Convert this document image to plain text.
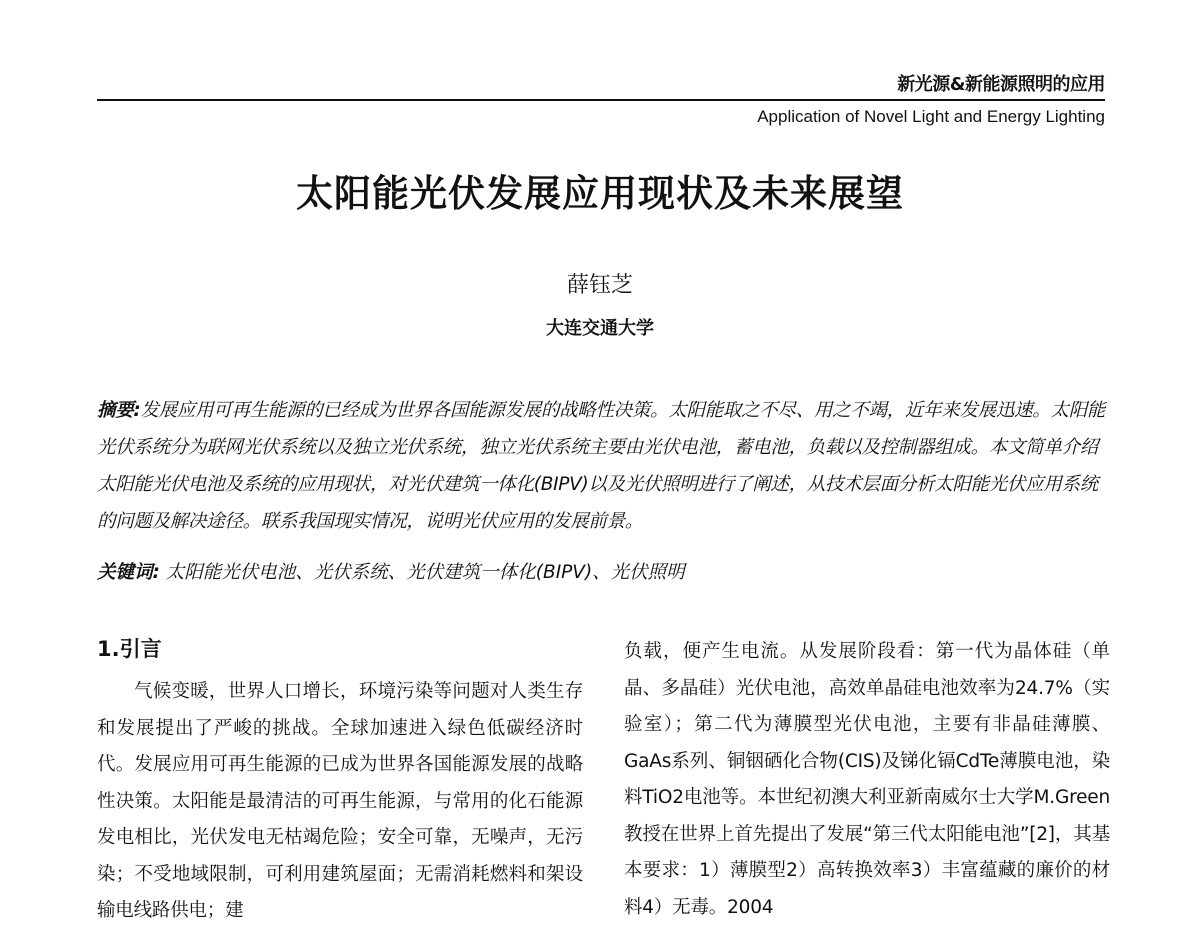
新光源&新能源照明的应用
Application of Novel Light and Energy Lighting
太阳能光伏发展应用现状及未来展望
薛钰芝
大连交通大学
摘要:发展应用可再生能源的已经成为世界各国能源发展的战略性决策。太阳能取之不尽、用之不竭，近年来发展迅速。太阳能光伏系统分为联网光伏系统以及独立光伏系统，独立光伏系统主要由光伏电池，蓄电池，负载以及控制器组成。本文简单介绍太阳能光伏电池及系统的应用现状，对光伏建筑一体化(BIPV)以及光伏照明进行了阐述，从技术层面分析太阳能光伏应用系统的问题及解决途径。联系我国现实情况，说明光伏应用的发展前景。
关键词: 太阳能光伏电池、光伏系统、光伏建筑一体化(BIPV)、光伏照明
1.引言
气候变暖，世界人口增长，环境污染等问题对人类生存和发展提出了严峻的挑战。全球加速进入绿色低碳经济时代。发展应用可再生能源的已成为世界各国能源发展的战略性决策。太阳能是最清洁的可再生能源，与常用的化石能源发电相比，光伏发电无枯竭危险；安全可靠，无噪声，无污染；不受地域限制，可利用建筑屋面；无需消耗燃料和架设输电线路供电；建
负载，便产生电流。从发展阶段看：第一代为晶体硅（单晶、多晶硅）光伏电池，高效单晶硅电池效率为24.7%（实验室）；第二代为薄膜型光伏电池，主要有非晶硅薄膜、GaAs系列、铜铟硒化合物(CIS)及锑化镉CdTe薄膜电池，染料TiO2电池等。本世纪初澳大利亚新南威尔士大学M.Green教授在世界上首先提出了发展“第三代太阳能电池”[2]，其基本要求：1）薄膜型2）高转换效率3）丰富蕴藏的廉价的材料4）无毒。2004
